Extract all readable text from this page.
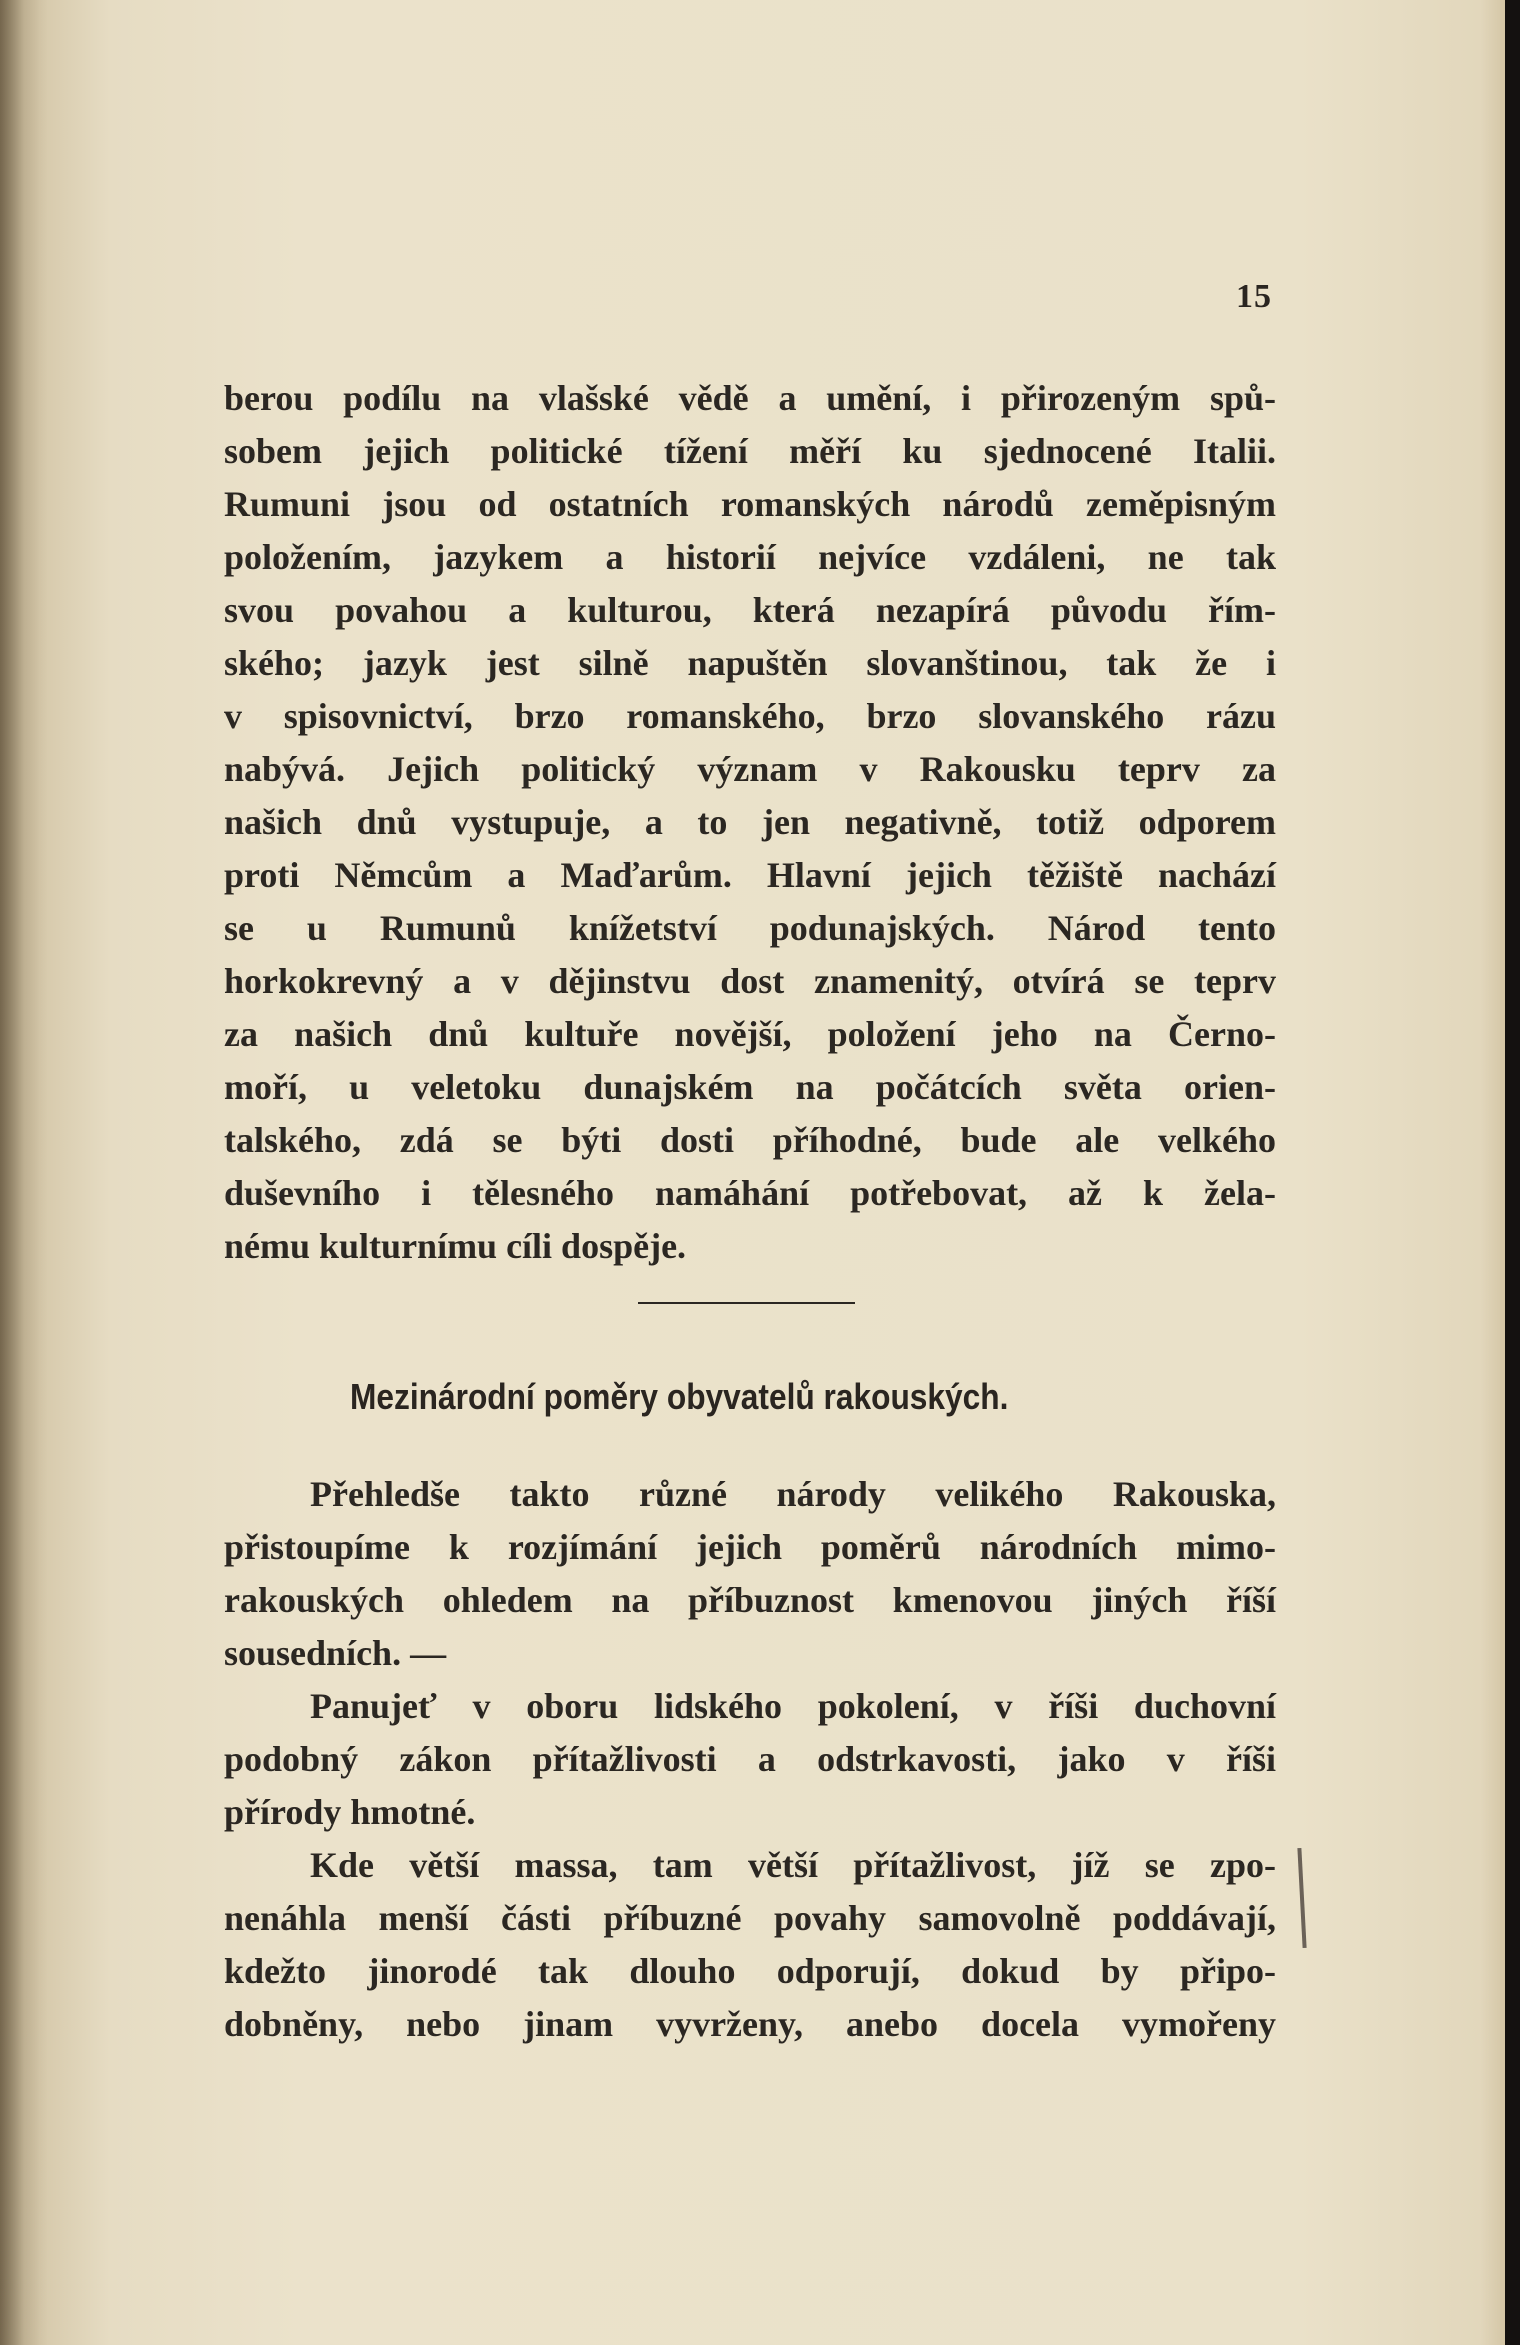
15
berou podílu na vlašské vědě a umění, i přirozeným spů-
sobem jejich politické tížení měří ku sjednocené Italii.
Rumuni jsou od ostatních romanských národů zeměpisným
položením, jazykem a historií nejvíce vzdáleni, ne tak
svou povahou a kulturou, která nezapírá původu řím-
ského; jazyk jest silně napuštěn slovanštinou, tak že i
v spisovnictví, brzo romanského, brzo slovanského rázu
nabývá. Jejich politický význam v Rakousku teprv za
našich dnů vystupuje, a to jen negativně, totiž odporem
proti Němcům a Maďarům. Hlavní jejich těžiště nachází
se u Rumunů knížetství podunajských. Národ tento
horkokrevný a v dějinstvu dost znamenitý, otvírá se teprv
za našich dnů kultuře novější, položení jeho na Černo-
moří, u veletoku dunajském na počátcích světa orien-
talského, zdá se býti dosti příhodné, bude ale velkého
duševního i tělesného namáhání potřebovat, až k žela-
nému kulturnímu cíli dospěje.
Mezinárodní poměry obyvatelů rakouských.
Přehledše takto různé národy velikého Rakouska,
přistoupíme k rozjímání jejich poměrů národních mimo-
rakouských ohledem na příbuznost kmenovou jiných říší
sousedních. —
Panujeť v oboru lidského pokolení, v říši duchovní
podobný zákon přítažlivosti a odstrkavosti, jako v říši
přírody hmotné.
Kde větší massa, tam větší přítažlivost, jíž se zpo-
nenáhla menší části příbuzné povahy samovolně poddávají,
kdežto jinorodé tak dlouho odporují, dokud by připo-
dobněny, nebo jinam vyvrženy, anebo docela vymořeny
